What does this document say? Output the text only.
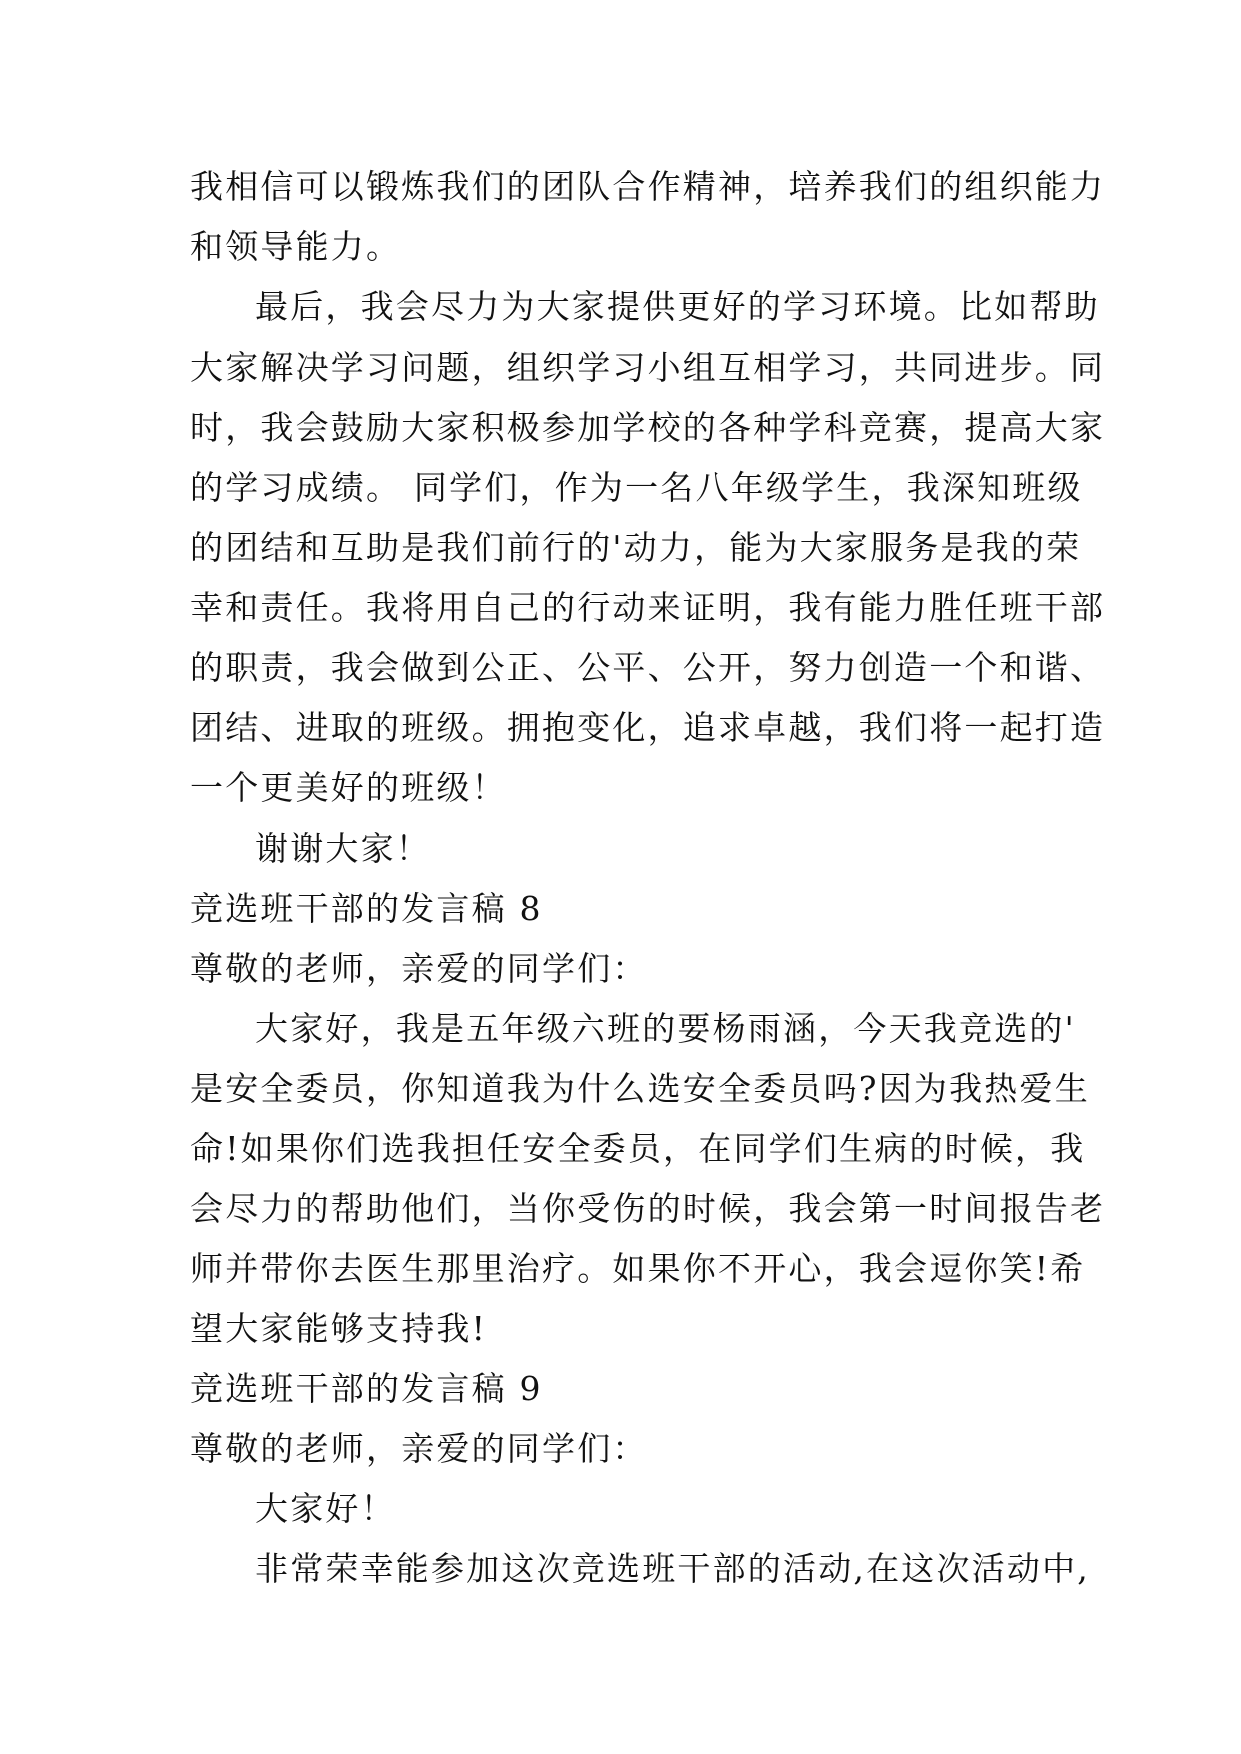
我相信可以锻炼我们的团队合作精神，培养我们的组织能力
和领导能力。
最后，我会尽力为大家提供更好的学习环境。比如帮助
大家解决学习问题，组织学习小组互相学习，共同进步。同
时，我会鼓励大家积极参加学校的各种学科竞赛，提高大家
的学习成绩。 同学们，作为一名八年级学生，我深知班级
的团结和互助是我们前行的'动力，能为大家服务是我的荣
幸和责任。我将用自己的行动来证明，我有能力胜任班干部
的职责，我会做到公正、公平、公开，努力创造一个和谐、
团结、进取的班级。拥抱变化，追求卓越，我们将一起打造
一个更美好的班级！
谢谢大家！
竞选班干部的发言稿 8
尊敬的老师，亲爱的同学们：
大家好，我是五年级六班的要杨雨涵，今天我竞选的'
是安全委员，你知道我为什么选安全委员吗?因为我热爱生
命!如果你们选我担任安全委员，在同学们生病的时候，我
会尽力的帮助他们，当你受伤的时候，我会第一时间报告老
师并带你去医生那里治疗。如果你不开心，我会逗你笑!希
望大家能够支持我!
竞选班干部的发言稿 9
尊敬的老师，亲爱的同学们：
大家好！
非常荣幸能参加这次竞选班干部的活动,在这次活动中,
